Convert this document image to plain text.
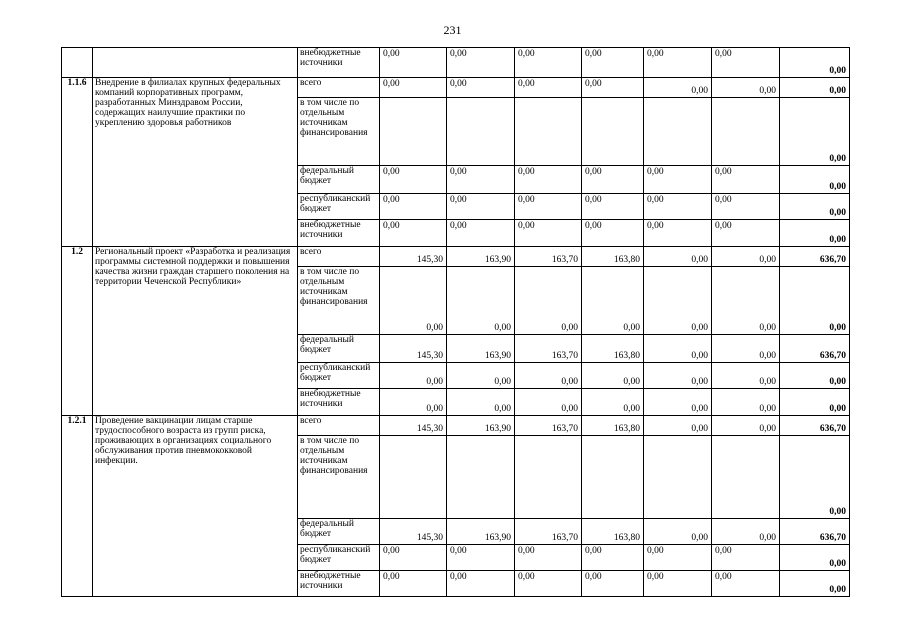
231
		внебюджетные источники	0,00	0,00	0,00	0,00	0,00	0,00	0,00

1.1.6	Внедрение в филиалах крупных федеральных компаний корпоративных программ, разработанных Минздравом России, содержащих наилучшие практики по укреплению здоровья работников	всего	0,00	0,00	0,00	0,00	0,00	0,00	0,00

		в том числе по отдельным источникам финансирования							0,00

		федеральный бюджет	0,00	0,00	0,00	0,00	0,00	0,00	0,00

		республиканский бюджет	0,00	0,00	0,00	0,00	0,00	0,00	0,00

		внебюджетные источники	0,00	0,00	0,00	0,00	0,00	0,00	0,00

1.2	Региональный проект «Разработка и реализация программы системной поддержки и повышения качества жизни граждан старшего поколения на территории Чеченской Республики»	всего	145,30	163,90	163,70	163,80	0,00	0,00	636,70

		в том числе по отдельным источникам финансирования	0,00	0,00	0,00	0,00	0,00	0,00	0,00

		федеральный бюджет	145,30	163,90	163,70	163,80	0,00	0,00	636,70

		республиканский бюджет	0,00	0,00	0,00	0,00	0,00	0,00	0,00

		внебюджетные источники	0,00	0,00	0,00	0,00	0,00	0,00	0,00

1.2.1	Проведение вакцинации лицам старше трудоспособного возраста из групп риска, проживающих в организациях социального обслуживания против пневмококковой инфекции.	всего	145,30	163,90	163,70	163,80	0,00	0,00	636,70

		в том числе по отдельным источникам финансирования							0,00

		федеральный бюджет	145,30	163,90	163,70	163,80	0,00	0,00	636,70

		республиканский бюджет	0,00	0,00	0,00	0,00	0,00	0,00	0,00

		внебюджетные источники	0,00	0,00	0,00	0,00	0,00	0,00	0,00
